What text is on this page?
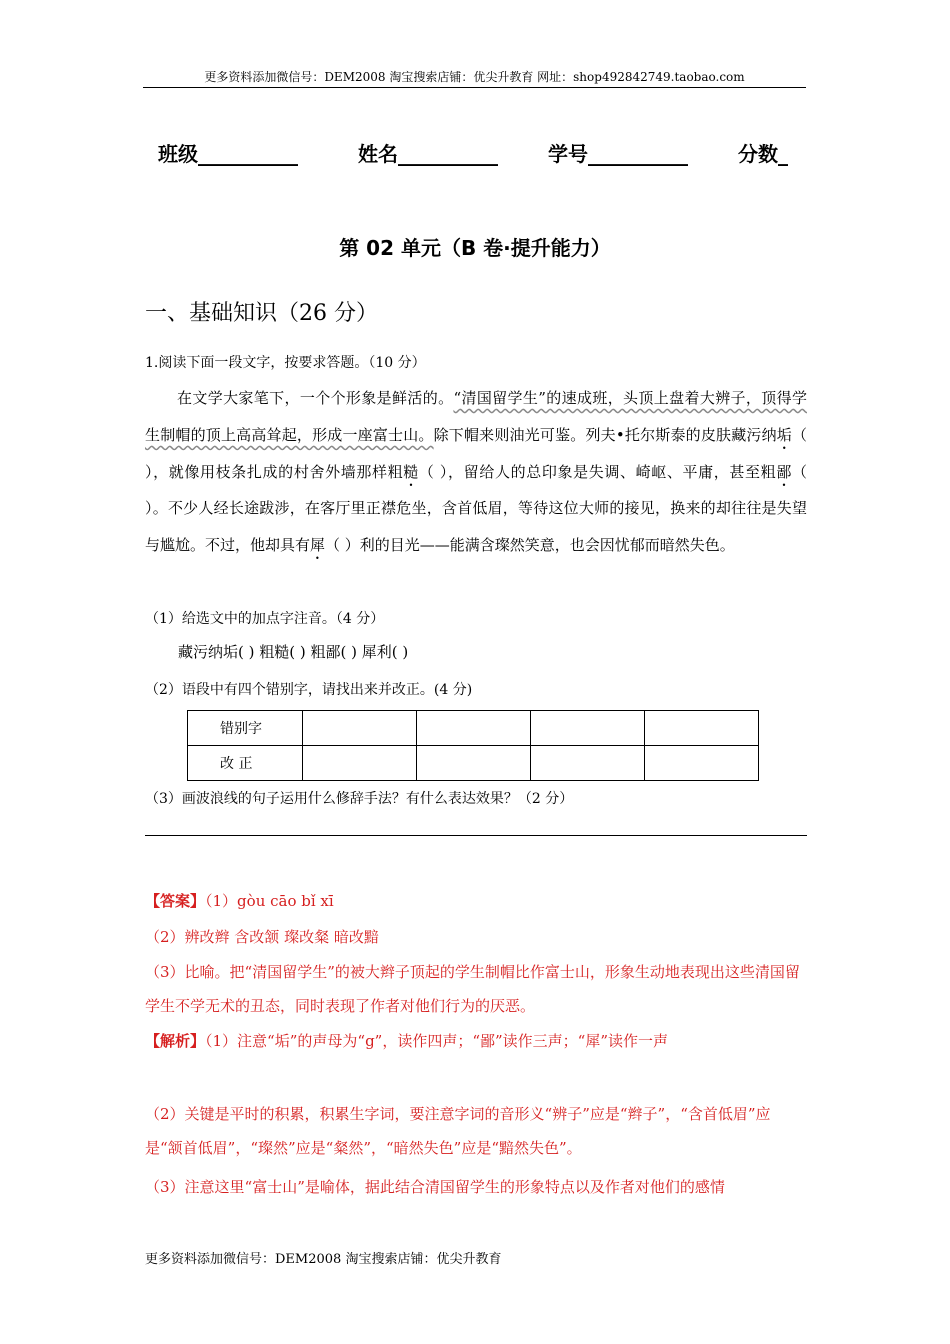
更多资料添加微信号：DEM2008 淘宝搜索店铺：优尖升教育 网址：shop492842749.taobao.com
班级__________	姓名__________	学号__________	分数_
第 02 单元（B 卷·提升能力）
一、基础知识（26 分）
1.阅读下面一段文字，按要求答题。（10 分）
在文学大家笔下，一个个形象是鲜活的。“清国留学生”的速成班，头顶上盘着大辨子，顶得学生制帽的顶上高高耸起，形成一座富士山。除下帽来则油光可鉴。列夫•托尔斯泰的皮肤藏污纳垢（ ），就像用枝条扎成的村舍外墙那样粗糙（ ），留给人的总印象是失调、崎岖、平庸，甚至粗鄙（ ）。不少人经长途跋涉，在客厅里正襟危坐，含首低眉，等待这位大师的接见，换来的却往往是失望与尴尬。不过，他却具有犀（ ）利的目光——能满含璨然笑意，也会因忧郁而暗然失色。
（1）给选文中的加点字注音。（4 分）
藏污纳垢( ) 粗糙( ) 粗鄙( ) 犀利( )
（2）语段中有四个错别字，请找出来并改正。(4 分)
错别字				
改 正				
（3）画波浪线的句子运用什么修辞手法？有什么表达效果？（2 分）
【答案】（1）gòu cāo bǐ xī
（2）辨改辫 含改颔 璨改粲 暗改黯
（3）比喻。把“清国留学生”的被大辫子顶起的学生制帽比作富士山，形象生动地表现出这些清国留学生不学无术的丑态，同时表现了作者对他们行为的厌恶。
【解析】（1）注意“垢”的声母为“g”，读作四声；“鄙”读作三声；“犀”读作一声
（2）关键是平时的积累，积累生字词，要注意字词的音形义“辨子”应是“辫子”，“含首低眉”应是“颔首低眉”，“璨然”应是“粲然”，“暗然失色”应是“黯然失色”。
（3）注意这里“富士山”是喻体，据此结合清国留学生的形象特点以及作者对他们的感情
更多资料添加微信号：DEM2008 淘宝搜索店铺：优尖升教育
